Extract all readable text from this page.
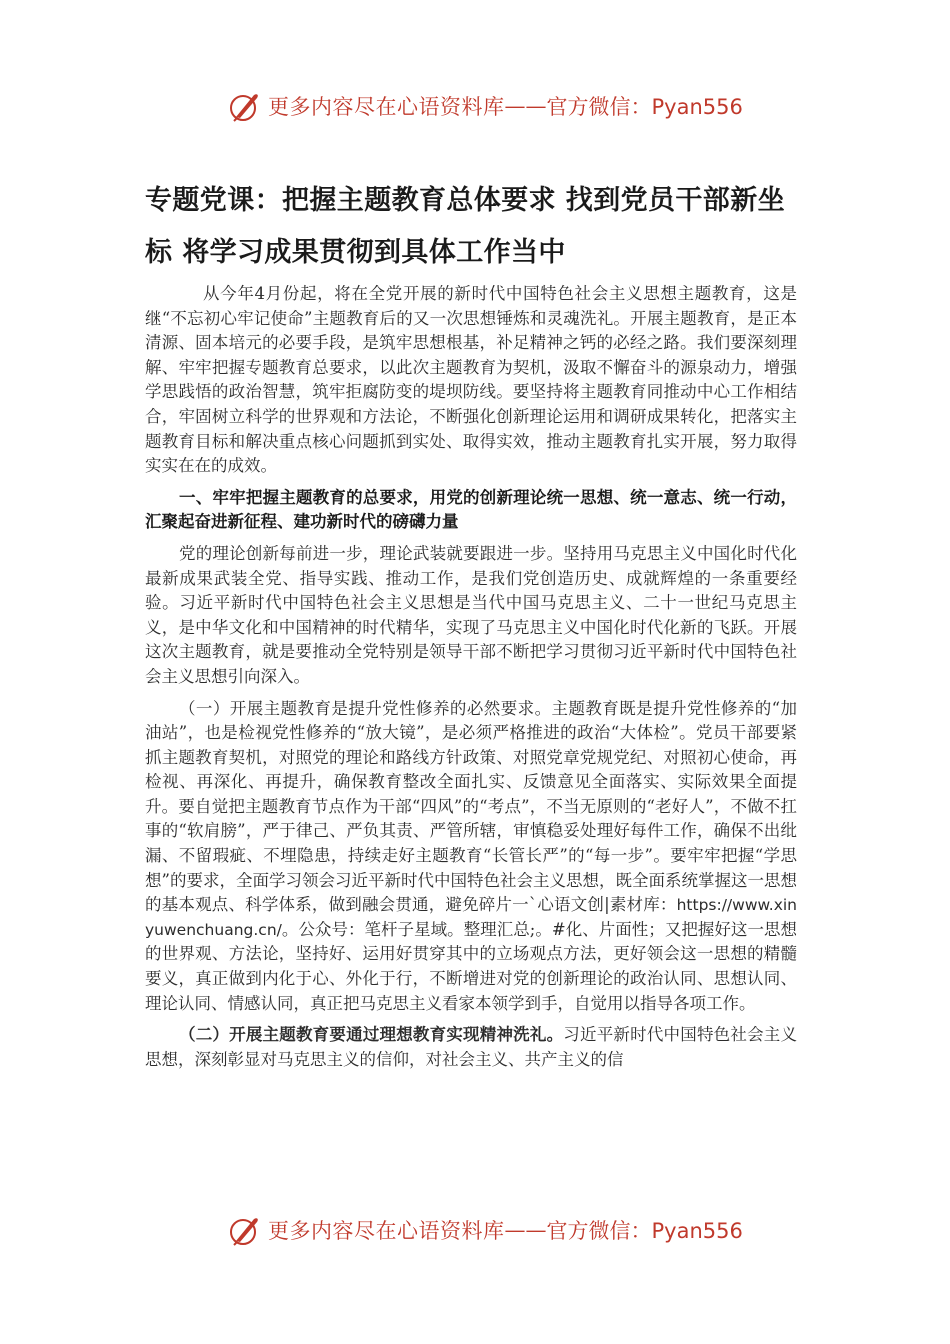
更多内容尽在心语资料库 —— 官方微信：Pyan556
专题党课：把握主题教育总体要求 找到党员干部新坐标 将学习成果贯彻到具体工作当中

从今年4月份起，将在全党开展的新时代中国特色社会主义思想主题教育，这是继“不忘初心牢记使命”主题教育后的又一次思想锤炼和灵魂洗礼。开展主题教育，是正本清源、固本培元的必要手段，是筑牢思想根基，补足精神之钙的必经之路。我们要深刻理解、牢牢把握专题教育总要求，以此次主题教育为契机，汲取不懈奋斗的源泉动力，增强学思践悟的政治智慧，筑牢拒腐防变的堤坝防线。要坚持将主题教育同推动中心工作相结合，牢固树立科学的世界观和方法论，不断强化创新理论运用和调研成果转化，把落实主题教育目标和解决重点核心问题抓到实处、取得实效，推动主题教育扎实开展，努力取得实实在在的成效。

一、牢牢把握主题教育的总要求，用党的创新理论统一思想、统一意志、统一行动，汇聚起奋进新征程、建功新时代的磅礴力量

党的理论创新每前进一步，理论武装就要跟进一步。坚持用马克思主义中国化时代化最新成果武装全党、指导实践、推动工作，是我们党创造历史、成就辉煌的一条重要经验。习近平新时代中国特色社会主义思想是当代中国马克思主义、二十一世纪马克思主义，是中华文化和中国精神的时代精华，实现了马克思主义中国化时代化新的飞跃。开展这次主题教育，就是要推动全党特别是领导干部不断把学习贯彻习近平新时代中国特色社会主义思想引向深入。

（一）开展主题教育是提升党性修养的必然要求。主题教育既是提升党性修养的“加油站”，也是检视党性修养的“放大镜”，是必须严格推进的政治“大体检”。党员干部要紧抓主题教育契机，对照党的理论和路线方针政策、对照党章党规党纪、对照初心使命，再检视、再深化、再提升，确保教育整改全面扎实、反馈意见全面落实、实际效果全面提升。要自觉把主题教育节点作为干部“四风”的“考点”，不当无原则的“老好人”，不做不扛事的“软肩膀”，严于律己、严负其责、严管所辖，审慎稳妥处理好每件工作，确保不出纰漏、不留瑕疵、不埋隐患，持续走好主题教育“长管长严”的“每一步”。要牢牢把握“学思想”的要求，全面学习领会习近平新时代中国特色社会主义思想，既全面系统掌握这一思想的基本观点、科学体系，做到融会贯通，避免碎片一`心语文创|素材库：https://www.xinyuwenchuang.cn/。公众号：笔杆子星域。整理汇总;。#化、片面性；又把握好这一思想的世界观、方法论，坚持好、运用好贯穿其中的立场观点方法，更好领会这一思想的精髓要义，真正做到内化于心、外化于行，不断增进对党的创新理论的政治认同、思想认同、理论认同、情感认同，真正把马克思主义看家本领学到手，自觉用以指导各项工作。

（二）开展主题教育要通过理想教育实现精神洗礼。习近平新时代中国特色社会主义思想，深刻彰显对马克思主义的信仰，对社会主义、共产主义的信

更多内容尽在心语资料库 —— 官方微信：Pyan556
